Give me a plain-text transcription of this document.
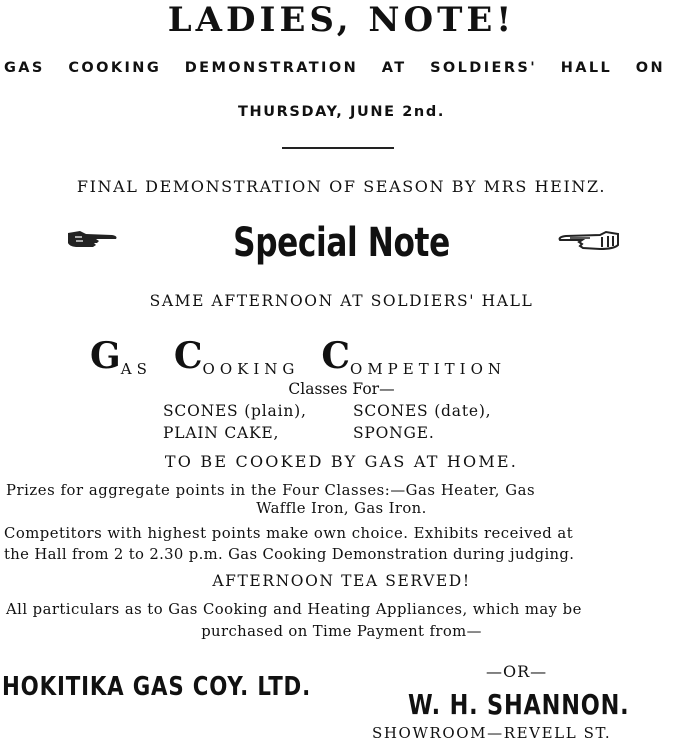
LADIES, NOTE!
GAS COOKING DEMONSTRATION AT SOLDIERS' HALL ON
THURSDAY, JUNE 2nd.
FINAL DEMONSTRATION OF SEASON BY MRS HEINZ.
Special Note
SAME AFTERNOON AT SOLDIERS' HALL
GAS COOKING COMPETITION
Classes For—
SCONES (plain),	SCONES (date),
PLAIN CAKE,	SPONGE.
TO BE COOKED BY GAS AT HOME.
Prizes for aggregate points in the Four Classes:—Gas Heater, Gas
Waffle Iron, Gas Iron.
Competitors with highest points make own choice. Exhibits received at
the Hall from 2 to 2.30 p.m. Gas Cooking Demonstration during judging.
AFTERNOON TEA SERVED!
All particulars as to Gas Cooking and Heating Appliances, which may be
purchased on Time Payment from—
HOKITIKA GAS COY. LTD.
—OR—
W. H. SHANNON.
SHOWROOM—REVELL ST.
